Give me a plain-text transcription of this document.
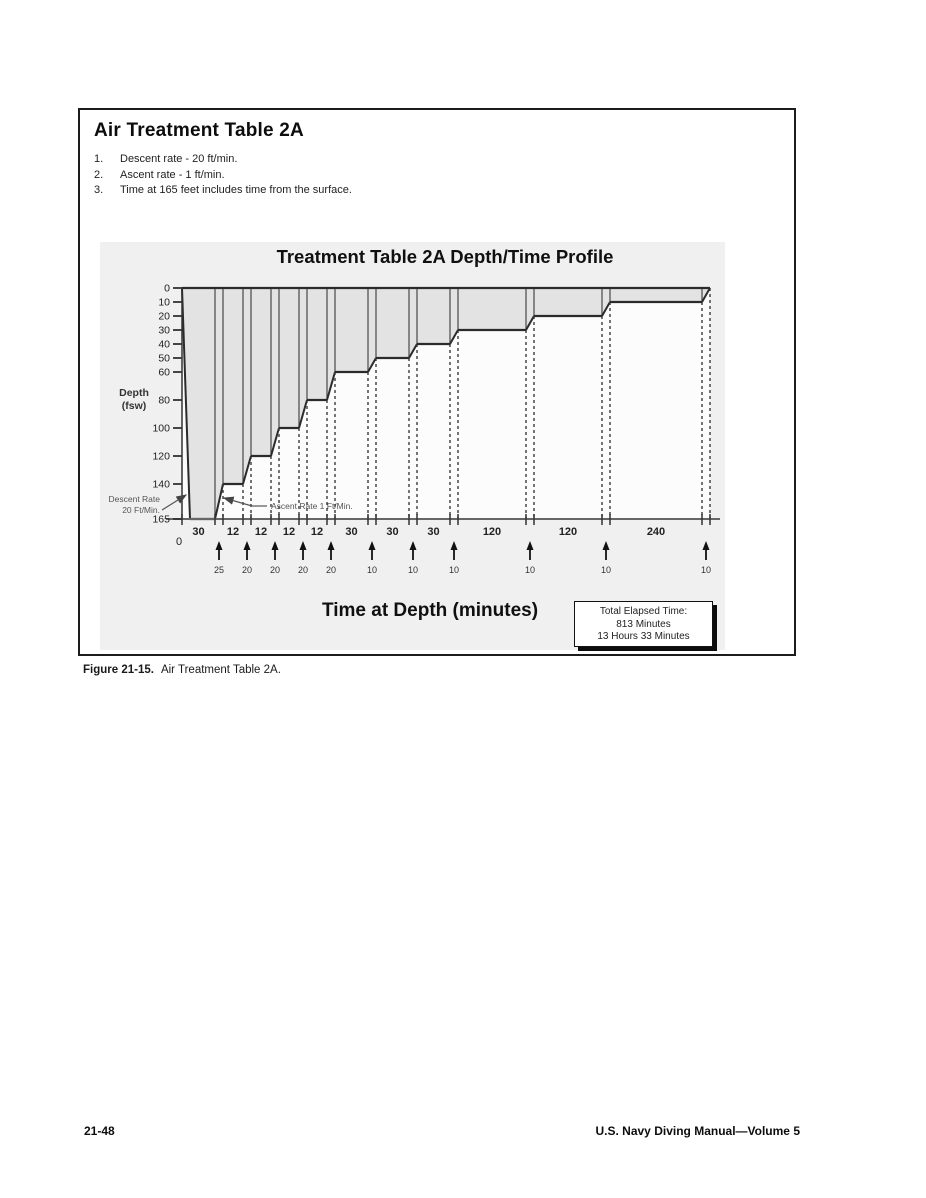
Air Treatment Table 2A
1.	Descent rate - 20 ft/min.
2.	Ascent rate - 1 ft/min.
3.	Time at 165 feet includes time from the surface.
Treatment Table 2A Depth/Time Profile
0
10
20
30
40
50
60
80
100
120
140
165
Depth
(fsw)
30 12 12 12 12 30	30	30	120	120	240
0
25 20 20 20 20	10	10	10	10	10	10
Descent Rate
20 Ft/Min.	Ascent Rate 1 Ft/Min.
Time at Depth (minutes)	Total Elapsed Time:
813 Minutes
13 Hours 33 Minutes

Figure 21-15. Air Treatment Table 2A.

21-48	U.S. Navy Diving Manual—Volume 5
